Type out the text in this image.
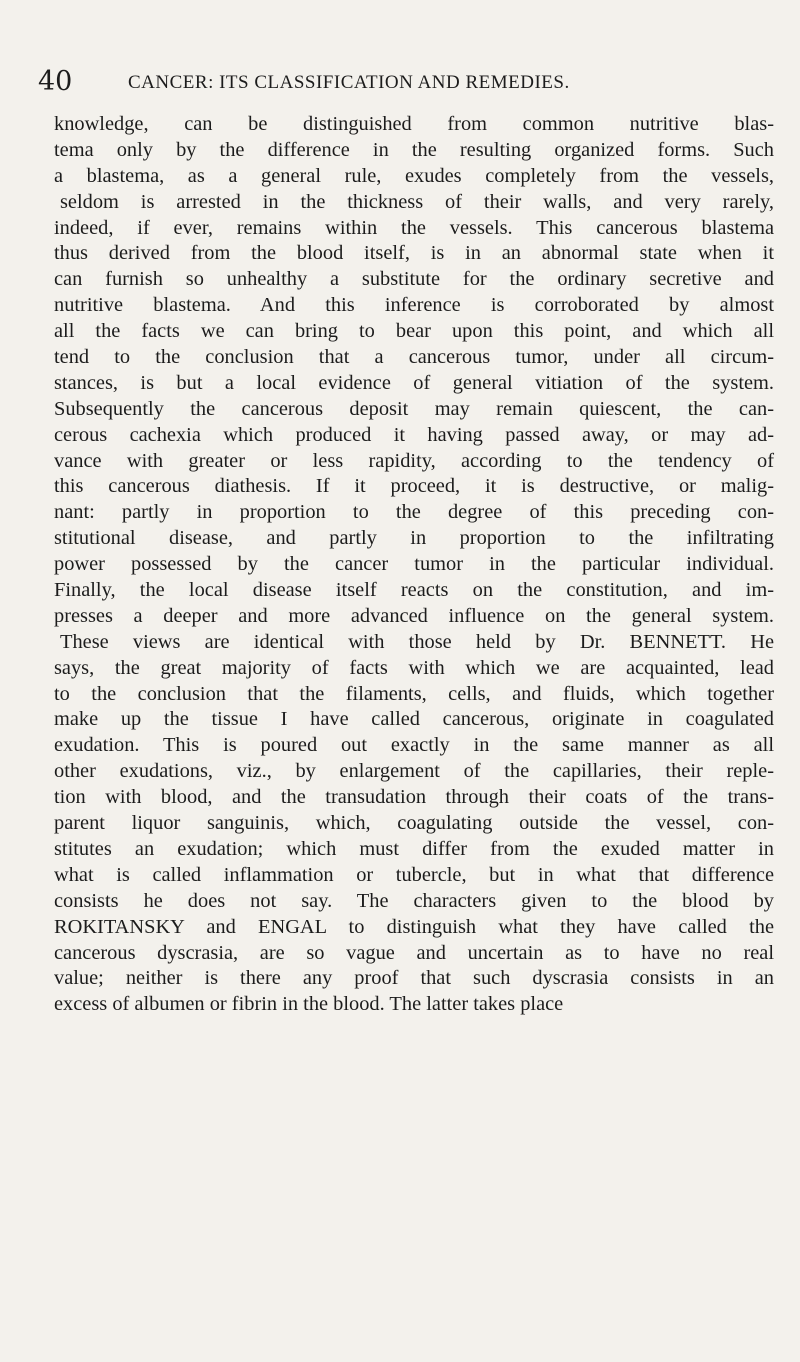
40	CANCER: ITS CLASSIFICATION AND REMEDIES.
knowledge, can be distinguished from common nutritive blas-
tema only by the difference in the resulting organized forms. Such
a blastema, as a general rule, exudes completely from the vessels,
seldom is arrested in the thickness of their walls, and very rarely,
indeed, if ever, remains within the vessels. This cancerous blastema
thus derived from the blood itself, is in an abnormal state when it
can furnish so unhealthy a substitute for the ordinary secretive and
nutritive blastema. And this inference is corroborated by almost
all the facts we can bring to bear upon this point, and which all
tend to the conclusion that a cancerous tumor, under all circum-
stances, is but a local evidence of general vitiation of the system.
Subsequently the cancerous deposit may remain quiescent, the can-
cerous cachexia which produced it having passed away, or may ad-
vance with greater or less rapidity, according to the tendency of
this cancerous diathesis. If it proceed, it is destructive, or malig-
nant: partly in proportion to the degree of this preceding con-
stitutional disease, and partly in proportion to the infiltrating
power possessed by the cancer tumor in the particular individual.
Finally, the local disease itself reacts on the constitution, and im-
presses a deeper and more advanced influence on the general system.
These views are identical with those held by Dr. BENNETT. He
says, the great majority of facts with which we are acquainted, lead
to the conclusion that the filaments, cells, and fluids, which together
make up the tissue I have called cancerous, originate in coagulated
exudation. This is poured out exactly in the same manner as all
other exudations, viz., by enlargement of the capillaries, their reple-
tion with blood, and the transudation through their coats of the trans-
parent liquor sanguinis, which, coagulating outside the vessel, con-
stitutes an exudation; which must differ from the exuded matter in
what is called inflammation or tubercle, but in what that difference
consists he does not say. The characters given to the blood by
ROKITANSKY and ENGAL to distinguish what they have called the
cancerous dyscrasia, are so vague and uncertain as to have no real
value; neither is there any proof that such dyscrasia consists in an
excess of albumen or fibrin in the blood. The latter takes place
